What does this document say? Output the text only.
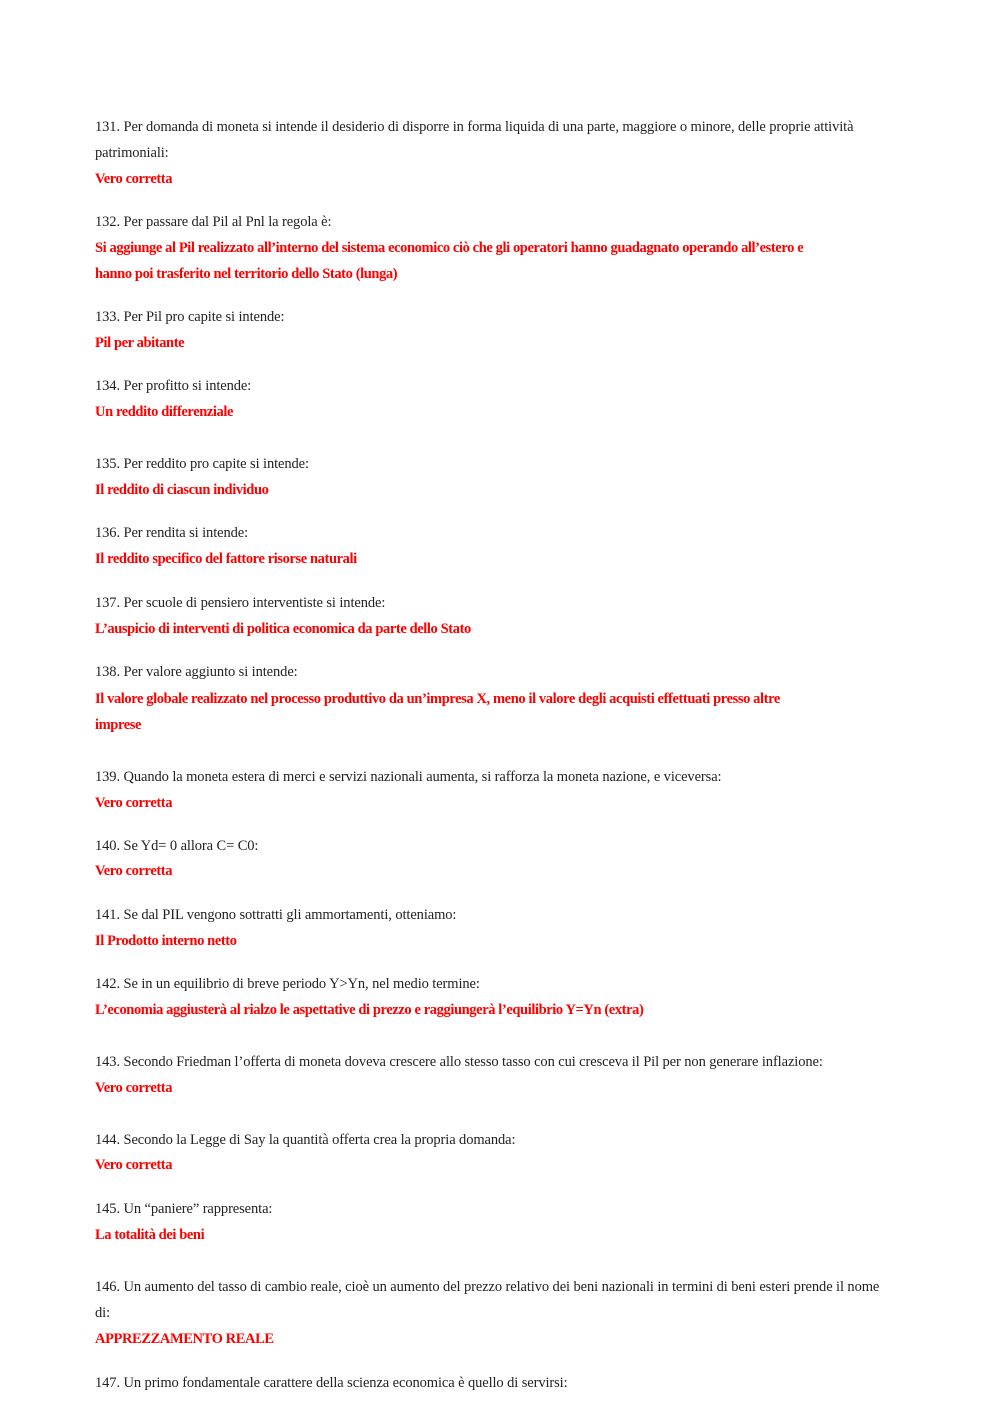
131. Per domanda di moneta si intende il desiderio di disporre in forma liquida di una parte, maggiore o minore, delle proprie attività patrimoniali:

Vero corretta

132. Per passare dal Pil al Pnl la regola è:

Si aggiunge al Pil realizzato all’interno del sistema economico ciò che gli operatori hanno guadagnato operando all’estero e hanno poi trasferito nel territorio dello Stato (lunga)

133. Per Pil pro capite si intende:

Pil per abitante

134. Per profitto si intende:

Un reddito differenziale

135. Per reddito pro capite si intende:

Il reddito di ciascun individuo

136. Per rendita si intende:

Il reddito specifico del fattore risorse naturali

137. Per scuole di pensiero interventiste si intende:

L’auspicio di interventi di politica economica da parte dello Stato

138. Per valore aggiunto si intende:

Il valore globale realizzato nel processo produttivo da un’impresa X, meno il valore degli acquisti effettuati presso altre imprese

139. Quando la moneta estera di merci e servizi nazionali aumenta, si rafforza la moneta nazione, e viceversa:

Vero corretta

140. Se Yd= 0 allora C= C0:

Vero corretta

141. Se dal PIL vengono sottratti gli ammortamenti, otteniamo:

Il Prodotto interno netto

142. Se in un equilibrio di breve periodo Y>Yn, nel medio termine:

L’economia aggiusterà al rialzo le aspettative di prezzo e raggiungerà l’equilibrio Y=Yn (extra)

143. Secondo Friedman l’offerta di moneta doveva crescere allo stesso tasso con cui cresceva il Pil per non generare inflazione:

Vero corretta

144. Secondo la Legge di Say la quantità offerta crea la propria domanda:

Vero corretta

145. Un “paniere” rappresenta:

La totalità dei beni

146. Un aumento del tasso di cambio reale, cioè un aumento del prezzo relativo dei beni nazionali in termini di beni esteri prende il nome di:

APPREZZAMENTO REALE

147. Un primo fondamentale carattere della scienza economica è quello di servirsi:
